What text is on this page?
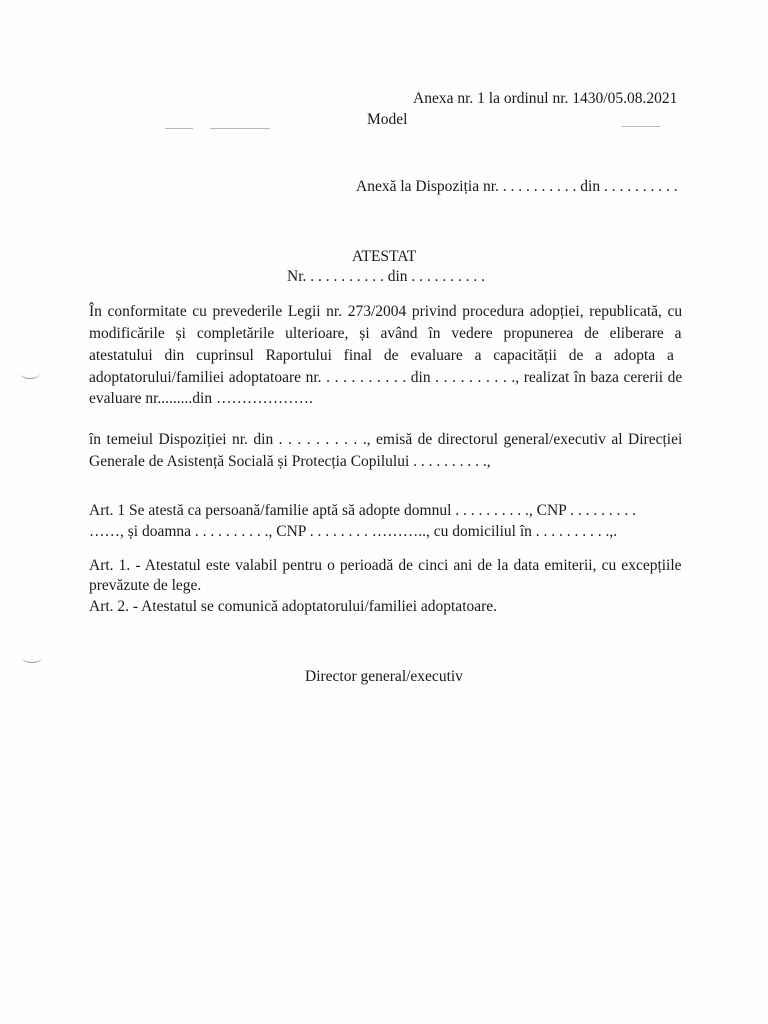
Anexa nr. 1 la ordinul nr. 1430/05.08.2021
Model
Anexă la Dispoziția nr. . . . . . . . . . . din . . . . . . . . . .
ATESTAT
Nr. . . . . . . . . . . din . . . . . . . . . .
În conformitate cu prevederile Legii nr. 273/2004 privind procedura adopției, republicată, cu
modificările și completările ulterioare, și având în vedere propunerea de eliberare a
atestatului din cuprinsul Raportului final de evaluare a capacității de a adopta a
adoptatorului/familiei adoptatoare nr. . . . . . . . . . . din . . . . . . . . . ., realizat în baza cererii de
evaluare nr.........din ……………….
în temeiul Dispoziției nr. din . . . . . . . . . ., emisă de directorul general/executiv al Direcției
Generale de Asistență Socială și Protecția Copilului . . . . . . . . . .,
Art. 1 Se atestă ca persoană/familie aptă să adopte domnul . . . . . . . . . ., CNP . . . . . . . . .
……, și doamna . . . . . . . . . ., CNP . . . . . . . . ……….., cu domiciliul în . . . . . . . . . .,.
Art. 1. - Atestatul este valabil pentru o perioadă de cinci ani de la data emiterii, cu excepțiile
prevăzute de lege.
Art. 2. - Atestatul se comunică adoptatorului/familiei adoptatoare.
Director general/executiv
